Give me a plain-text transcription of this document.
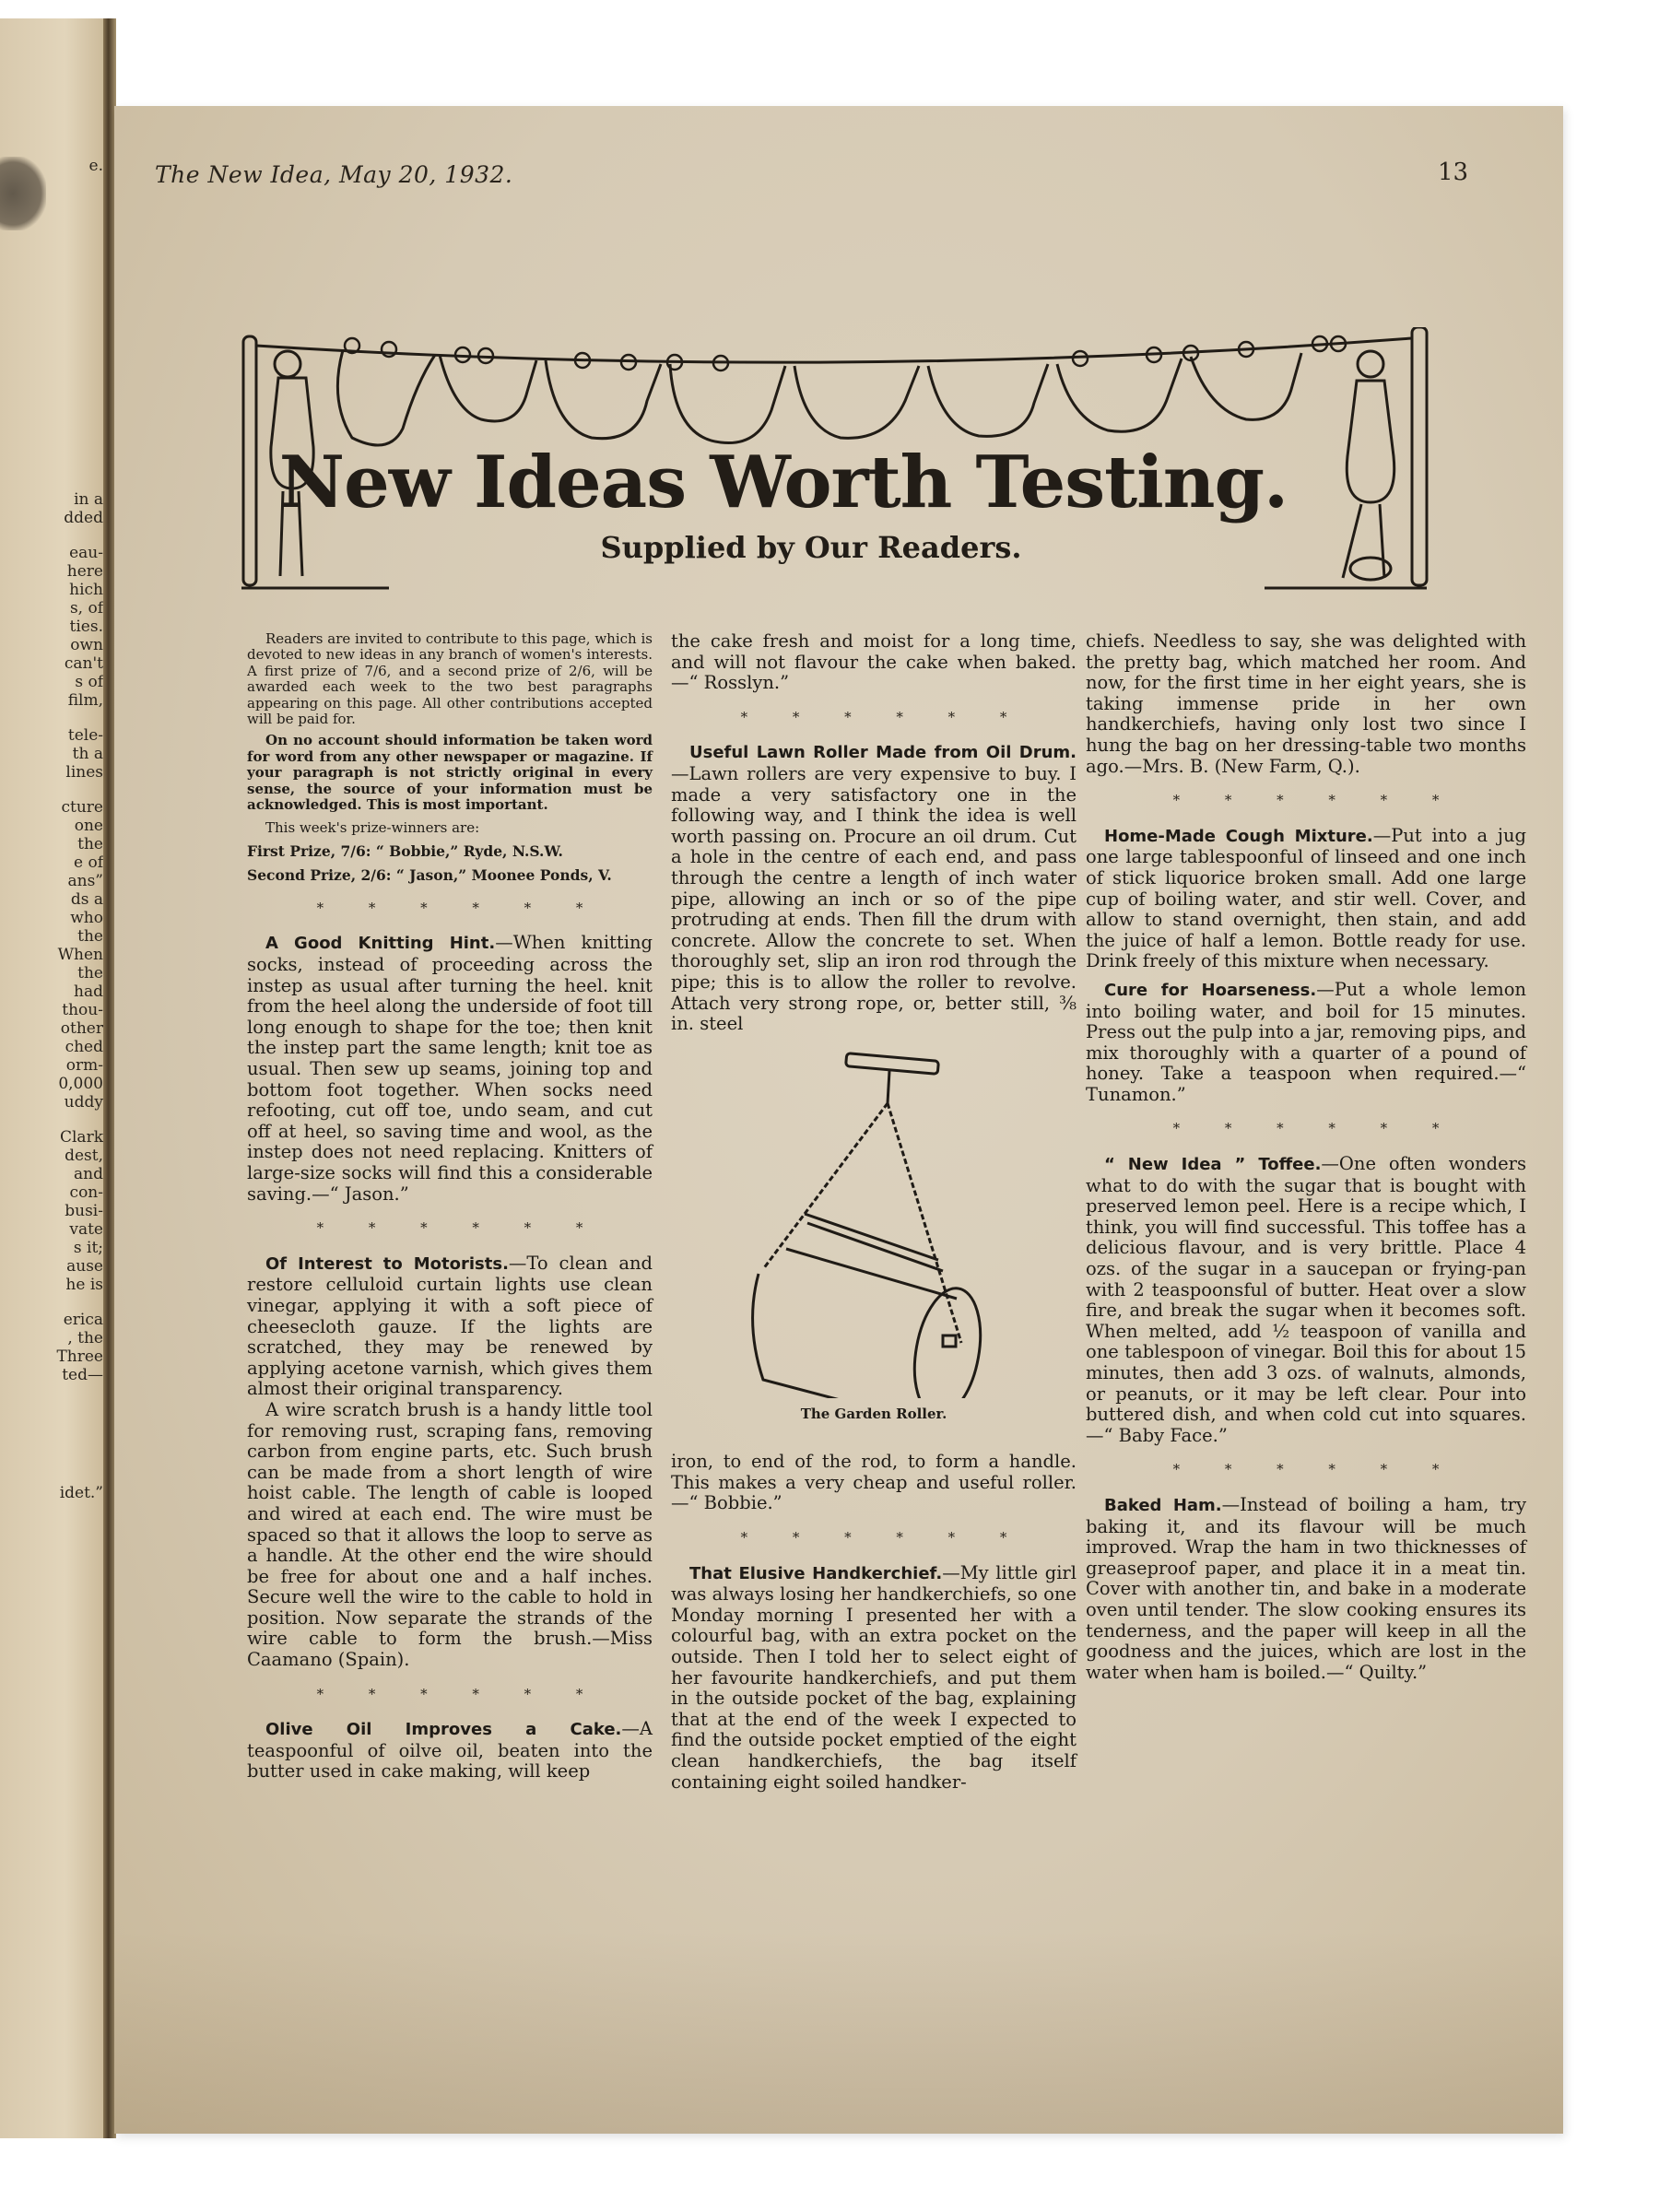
e.
in a
dded
eau-
here
hich
s, of
ties.
own
can't
s of
film,
tele-
th a
lines
cture
one
the
e of
ans”
ds a
who
the
When
the
had
thou-
other
ched
orm-
0,000
uddy
Clark
dest,
and
con-
busi-
vate
s it;
ause
he is
erica
, the
Three
ted—
idet.”
The New Idea, May 20, 1932.	13
New Ideas Worth Testing.
Supplied by Our Readers.

Readers are invited to contribute to this page, which is devoted to new ideas in any branch of women's interests. A first prize of 7/6, and a second prize of 2/6, will be awarded each week to the two best paragraphs appearing on this page. All other contributions accepted will be paid for.

On no account should information be taken word for word from any other newspaper or magazine. If your paragraph is not strictly original in every sense, the source of your information must be acknowledged. This is most important.

This week's prize-winners are:

First Prize, 7/6: “ Bobbie,” Ryde, N.S.W.

Second Prize, 2/6: “ Jason,” Moonee Ponds, V.

* * * * * *

A Good Knitting Hint.—When knitting socks, instead of proceeding across the instep as usual after turning the heel. knit from the heel along the underside of foot till long enough to shape for the toe; then knit the instep part the same length; knit toe as usual. Then sew up seams, joining top and bottom foot together. When socks need refooting, cut off toe, undo seam, and cut off at heel, so saving time and wool, as the instep does not need replacing. Knitters of large-size socks will find this a considerable saving.—“ Jason.”

* * * * * *

Of Interest to Motorists.—To clean and restore celluloid curtain lights use clean vinegar, applying it with a soft piece of cheesecloth gauze. If the lights are scratched, they may be renewed by applying acetone varnish, which gives them almost their original transparency.

A wire scratch brush is a handy little tool for removing rust, scraping fans, removing carbon from engine parts, etc. Such brush can be made from a short length of wire hoist cable. The length of cable is looped and wired at each end. The wire must be spaced so that it allows the loop to serve as a handle. At the other end the wire should be free for about one and a half inches. Secure well the wire to the cable to hold in position. Now separate the strands of the wire cable to form the brush.—Miss Caamano (Spain).

* * * * * *

Olive Oil Improves a Cake.—A teaspoonful of oilve oil, beaten into the butter used in cake making, will keep

the cake fresh and moist for a long time, and will not flavour the cake when baked.—“ Rosslyn.”

* * * * * *

Useful Lawn Roller Made from Oil Drum.—Lawn rollers are very expensive to buy. I made a very satisfactory one in the following way, and I think the idea is well worth passing on. Procure an oil drum. Cut a hole in the centre of each end, and pass through the centre a length of inch water pipe, allowing an inch or so of the pipe protruding at ends. Then fill the drum with concrete. Allow the concrete to set. When thoroughly set, slip an iron rod through the pipe; this is to allow the roller to revolve. Attach very strong rope, or, better still, ⅜ in. steel

The Garden Roller.

iron, to end of the rod, to form a handle. This makes a very cheap and useful roller.—“ Bobbie.”

* * * * * *

That Elusive Handkerchief.—My little girl was always losing her handkerchiefs, so one Monday morning I presented her with a colourful bag, with an extra pocket on the outside. Then I told her to select eight of her favourite handkerchiefs, and put them in the outside pocket of the bag, explaining that at the end of the week I expected to find the outside pocket emptied of the eight clean handkerchiefs, the bag itself containing eight soiled handker-

chiefs. Needless to say, she was delighted with the pretty bag, which matched her room. And now, for the first time in her eight years, she is taking immense pride in her own handkerchiefs, having only lost two since I hung the bag on her dressing-table two months ago.—Mrs. B. (New Farm, Q.).

* * * * * *

Home-Made Cough Mixture.—Put into a jug one large tablespoonful of linseed and one inch of stick liquorice broken small. Add one large cup of boiling water, and stir well. Cover, and allow to stand overnight, then stain, and add the juice of half a lemon. Bottle ready for use. Drink freely of this mixture when necessary.

Cure for Hoarseness.—Put a whole lemon into boiling water, and boil for 15 minutes. Press out the pulp into a jar, removing pips, and mix thoroughly with a quarter of a pound of honey. Take a teaspoon when required.—“ Tunamon.”

* * * * * *

“ New Idea ” Toffee.—One often wonders what to do with the sugar that is bought with preserved lemon peel. Here is a recipe which, I think, you will find successful. This toffee has a delicious flavour, and is very brittle. Place 4 ozs. of the sugar in a saucepan or frying-pan with 2 teaspoonsful of butter. Heat over a slow fire, and break the sugar when it becomes soft. When melted, add ½ teaspoon of vanilla and one tablespoon of vinegar. Boil this for about 15 minutes, then add 3 ozs. of walnuts, almonds, or peanuts, or it may be left clear. Pour into buttered dish, and when cold cut into squares.—“ Baby Face.”

* * * * * *

Baked Ham.—Instead of boiling a ham, try baking it, and its flavour will be much improved. Wrap the ham in two thicknesses of greaseproof paper, and place it in a meat tin. Cover with another tin, and bake in a moderate oven until tender. The slow cooking ensures its tenderness, and the paper will keep in all the goodness and the juices, which are lost in the water when ham is boiled.—“ Quilty.”
